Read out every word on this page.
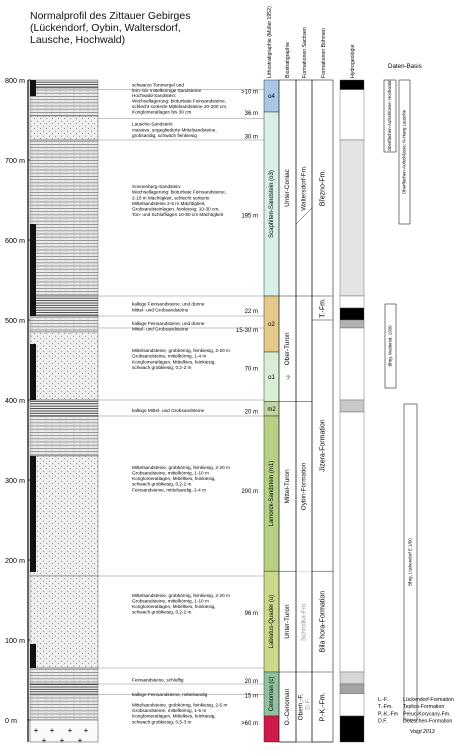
Normalprofil des Zittauer Gebirges
(Lückendorf, Oybin, Waltersdorf,
Lausche, Hochwald)
0 m
100 m
200 m
300 m
400 m
500 m
600 m
700 m
800 m
+ + + +
+ + +
schwarze Tonmergel und
fein- bis mittelkörnige Sandsteine	>10 m
Hochwald-Sandstein:
Wechsellagerung: bioturbate Feinsandsteine,
schlecht sortierte Mittelsandsteine 20-200 cm,
Konglomeratlagen bis 30 cm	36 m
Lausche-Sandstein:
massive, ungegliederte Mittelsandsteine,
grobsandig, schwach feinkiesig	30 m
Sonnenberg-Sandstein:
Wechsellagerung: bioturbate Feinsandsteine,
2-10 m Mächtigkeit, schlecht sortierte
Mittelsandsteine 2-5 m Mächtigkeit,
Grobsandsteinlagen, feinkiesig: 10-30 cm,
Ton- und Schluffiagen 10-50 cm Mächtigkeit	195 m
kalkige Feinsandsteine, und dünne
Mittel- und Grobsandsteine	22 m
kalkige Feinsandsteine, und dünne
Mittel- und Grobsandsteine	15-30 m
Mittelsandsteine, grobkörnig, feinkiesig, 2-20 m
Grobsandsteine, mittelkörnig, 1-4 m
Konglomeratlagen, Mittelkies, feinkiesig,
schwach grobkiesig, 0,2-2 m	70 m
kalkige Mittel- und Grobsandsteine	20 m
Mittelsandsteine, grobkörnig, feinkiesig, 2-20 m
Grobsandsteine, mittelkörnig, 1-10 m
Konglomeratlagen, Mittelkies, feinkiesig,
schwach grobkiesig, 0,2-2 m
Feinsandsteine, mittelsandig, 2-4 m	200 m
Mittelsandsteine, grobkörnig, feinkiesig, 2-20 m
Grobsandsteine, mittelkörnig, 1-10 m
Konglomeratlagen, Mittelkies, feinkiesig,
schwach grobkiesig, 0,2-2 m	96 m
Feinsandsteine, schluffig	20 m
kalkige Feinsandsteine, mittelsandig	15 m
Mittelsandsteine, grobkörnig, feinkiesig, 2-5 m
Grobsandsteine, mittelkörnig, 1-5 m
Konglomeratlagen, Mittelkies, feinkiesig,
schwach grobkiesig, 0,5-3 m	>60 m
Lithostratigraphie (Müller 1952) Biostratigraphie Formationen Sachsen	Formationen Böhmen	Hydrogeologie	Daten-Basis
o4
Scaphiten-Sandstein (o3)
o2
o1
m2
Lamorck-Sandstein (m1)
Labiatus-Quader (u)
Cenoman (c)
Unter-Coniac
Ober-Turon
Mittel-Turon
Unter-Turon
O.-Cenoman
?
Waltersdorf-Fm.
Oybin-Formation
Schmilka-Fm.
Oberh.-F. D.F.
Březno-Fm.
T.-Fm.
Jizera-Formation
Bila hora-Formation
P.-K.-Fm.
Oberflächen-Aufschlüsse: Hochwald Oberflächen-Aufschlüsse: N-Hang Lausche
Bhrg. Waltersd. 1930
Bhrg. Lückendorf E 1/60
L.-F.	Lückendorf-Formation
T.-Fm. Teplice-Formation
P.-K.-Fm Peruc-Korycany-Fm.
D.F.	Dölzschen-Formation
Voigt 2013
